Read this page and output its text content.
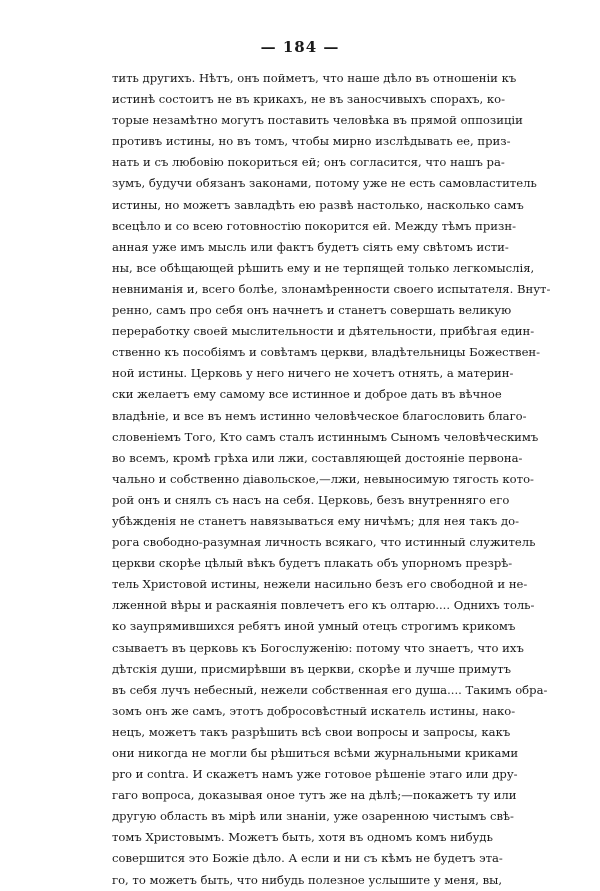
— 184 —
тить другихъ. Нѣтъ, онъ пойметъ, что наше дѣло въ отношеніи къ
истинѣ состоитъ не въ крикахъ, не въ заносчивыхъ спорахъ, ко-
торые незамѣтно могутъ поставить человѣка въ прямой оппозиціи
противъ истины, но въ томъ, чтобы мирно изслѣдывать ее, приз-
нать и съ любовію покориться ей; онъ согласится, что нашъ ра-
зумъ, будучи обязанъ законами, потому уже не есть самовластитель
истины, но можетъ завладѣть ею развѣ настолько, насколько самъ
всецѣло и со всею готовностію покорится ей. Между тѣмъ призн-
анная уже имъ мысль или фактъ будетъ сіять ему свѣтомъ исти-
ны, все обѣщающей рѣшить ему и не терпящей только легкомыслія,
невниманія и, всего болѣе, злонамѣренности своего испытателя. Внут-
ренно, самъ про себя онъ начнетъ и станетъ совершать великую
переработку своей мыслительности и дѣятельности, прибѣгая един-
ственно къ пособіямъ и совѣтамъ церкви, владѣтельницы Божествен-
ной истины. Церковь у него ничего не хочетъ отнять, а материн-
ски желаетъ ему самому все истинное и доброе дать въ вѣчное
владѣніе, и все въ немъ истинно человѣческое благословить благо-
словеніемъ Того, Кто самъ сталъ истиннымъ Сыномъ человѣческимъ
во всемъ, кромѣ грѣха или лжи, составляющей достояніе первона-
чально и собственно діавольское,—лжи, невыносимую тягость кото-
рой онъ и снялъ съ насъ на себя. Церковь, безъ внутренняго его
убѣжденія не станетъ навязываться ему ничѣмъ; для нея такъ до-
рога свободно-разумная личность всякаго, что истинный служитель
церкви скорѣе цѣлый вѣкъ будетъ плакать объ упорномъ презрѣ-
тель Христовой истины, нежели насильно безъ его свободной и не-
лженной вѣры и раскаянія повлечетъ его къ олтарю.... Однихъ толь-
ко заупрямившихся ребятъ иной умный отецъ строгимъ крикомъ
сзываетъ въ церковь къ Богослуженію: потому что знаетъ, что ихъ
дѣтскія души, присмирѣвши въ церкви, скорѣе и лучше примутъ
въ себя лучъ небесный, нежели собственная его душа.... Такимъ обра-
зомъ онъ же самъ, этотъ добросовѣстный искатель истины, нако-
нецъ, можетъ такъ разрѣшить всѣ свои вопросы и запросы, какъ
они никогда не могли бы рѣшиться всѣми журнальными криками
pro и contra. И скажетъ намъ уже готовое рѣшеніе этаго или дру-
гаго вопроса, доказывая оное тутъ же на дѣлѣ;—покажетъ ту или
другую область въ мірѣ или знаніи, уже озаренною чистымъ свѣ-
томъ Христовымъ. Можетъ быть, хотя въ одномъ комъ нибудь
совершится это Божіе дѣло. А если и ни съ кѣмъ не будетъ эта-
го, то можетъ быть, что нибудь полезное услышите у меня, вы,
